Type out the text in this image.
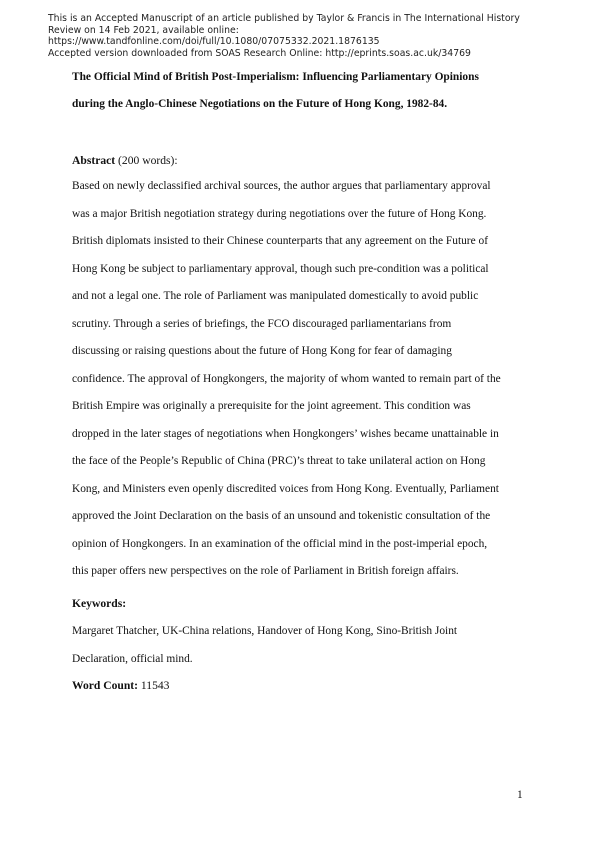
This is an Accepted Manuscript of an article published by Taylor & Francis in The International History
Review on 14 Feb 2021, available online:
https://www.tandfonline.com/doi/full/10.1080/07075332.2021.1876135
Accepted version downloaded from SOAS Research Online: http://eprints.soas.ac.uk/34769
The Official Mind of British Post-Imperialism: Influencing Parliamentary Opinions
during the Anglo-Chinese Negotiations on the Future of Hong Kong, 1982-84.
Abstract (200 words):
Based on newly declassified archival sources, the author argues that parliamentary approval
was a major British negotiation strategy during negotiations over the future of Hong Kong.
British diplomats insisted to their Chinese counterparts that any agreement on the Future of
Hong Kong be subject to parliamentary approval, though such pre-condition was a political
and not a legal one. The role of Parliament was manipulated domestically to avoid public
scrutiny. Through a series of briefings, the FCO discouraged parliamentarians from
discussing or raising questions about the future of Hong Kong for fear of damaging
confidence. The approval of Hongkongers, the majority of whom wanted to remain part of the
British Empire was originally a prerequisite for the joint agreement. This condition was
dropped in the later stages of negotiations when Hongkongers’ wishes became unattainable in
the face of the People’s Republic of China (PRC)’s threat to take unilateral action on Hong
Kong, and Ministers even openly discredited voices from Hong Kong. Eventually, Parliament
approved the Joint Declaration on the basis of an unsound and tokenistic consultation of the
opinion of Hongkongers. In an examination of the official mind in the post-imperial epoch,
this paper offers new perspectives on the role of Parliament in British foreign affairs.
Keywords:
Margaret Thatcher, UK-China relations, Handover of Hong Kong, Sino-British Joint
Declaration, official mind.
Word Count: 11543
1
